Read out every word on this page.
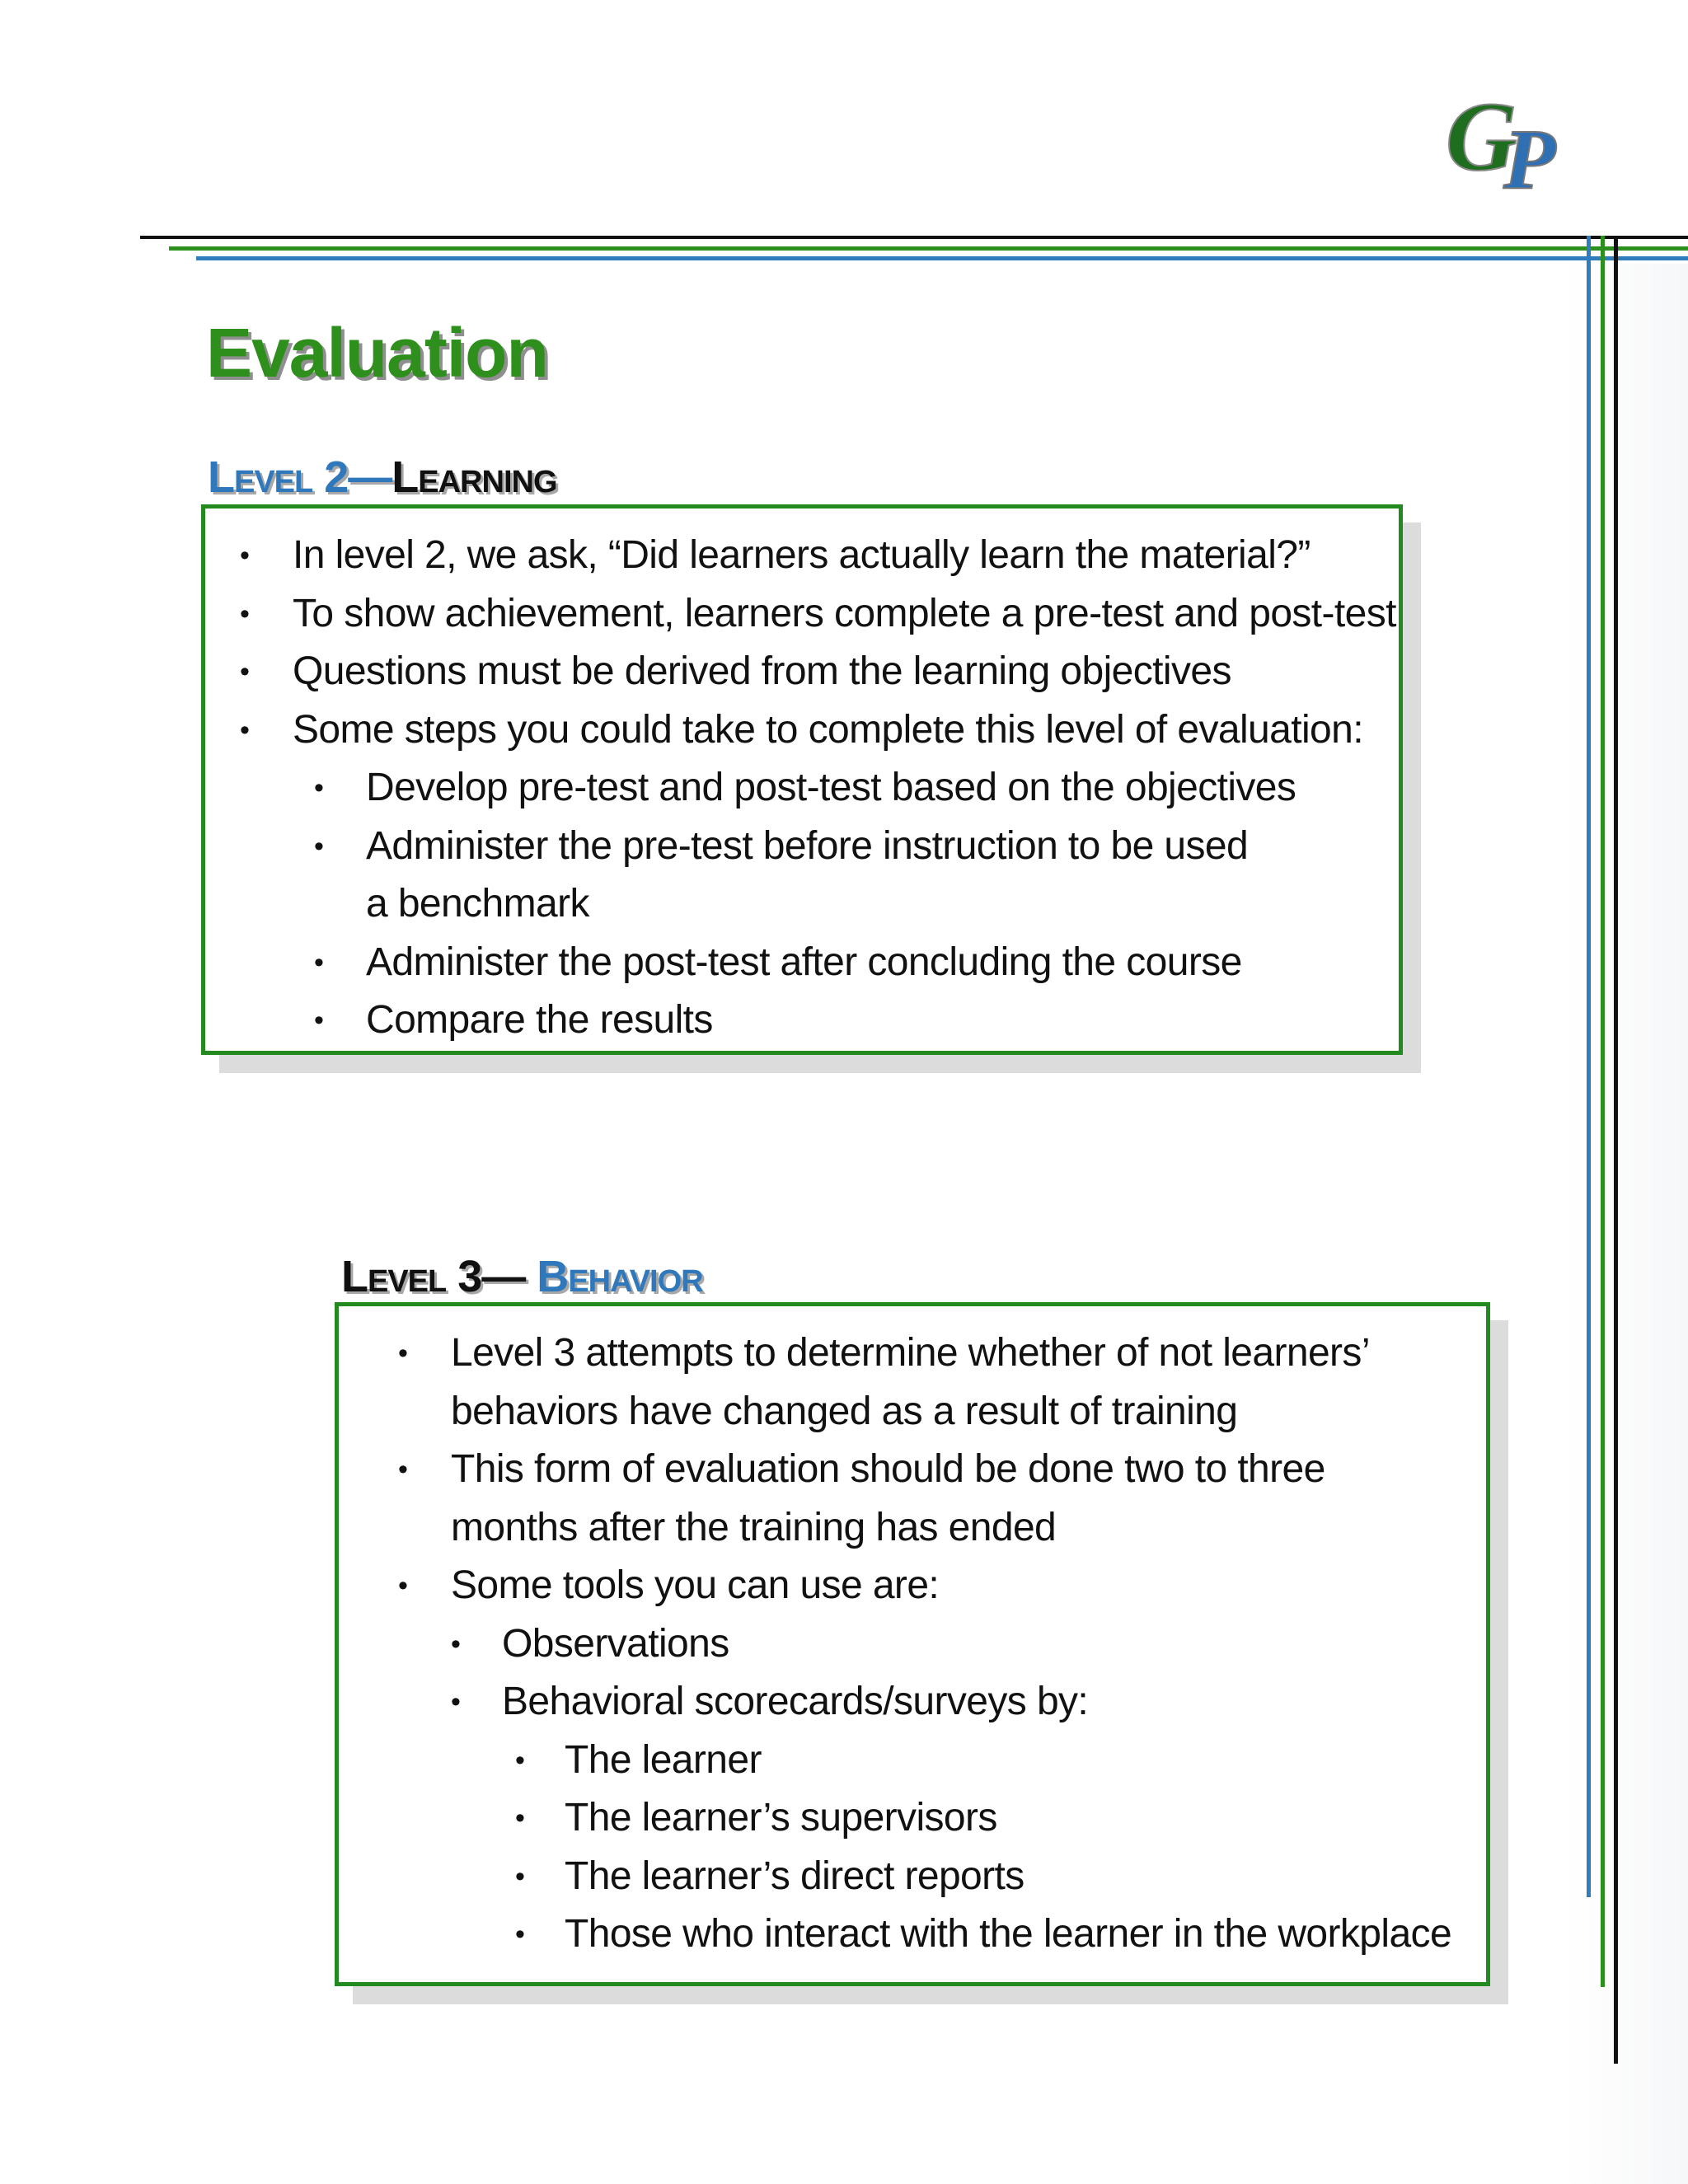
G
P
Evaluation
Level 2—Learning
• In level 2, we ask, “Did learners actually learn the material?”
• To show achievement, learners complete a pre-test and post-test
• Questions must be derived from the learning objectives
• Some steps you could take to complete this level of evaluation:
• Develop pre-test and post-test based on the objectives
• Administer the pre-test before instruction to be used a benchmark
• Administer the post-test after concluding the course
• Compare the results
Level 3— Behavior
• Level 3 attempts to determine whether of not learners’ behaviors have changed as a result of training
• This form of evaluation should be done two to three months after the training has ended
• Some tools you can use are:
• Observations
• Behavioral scorecards/surveys by:
• The learner
• The learner’s supervisors
• The learner’s direct reports
• Those who interact with the learner in the workplace
